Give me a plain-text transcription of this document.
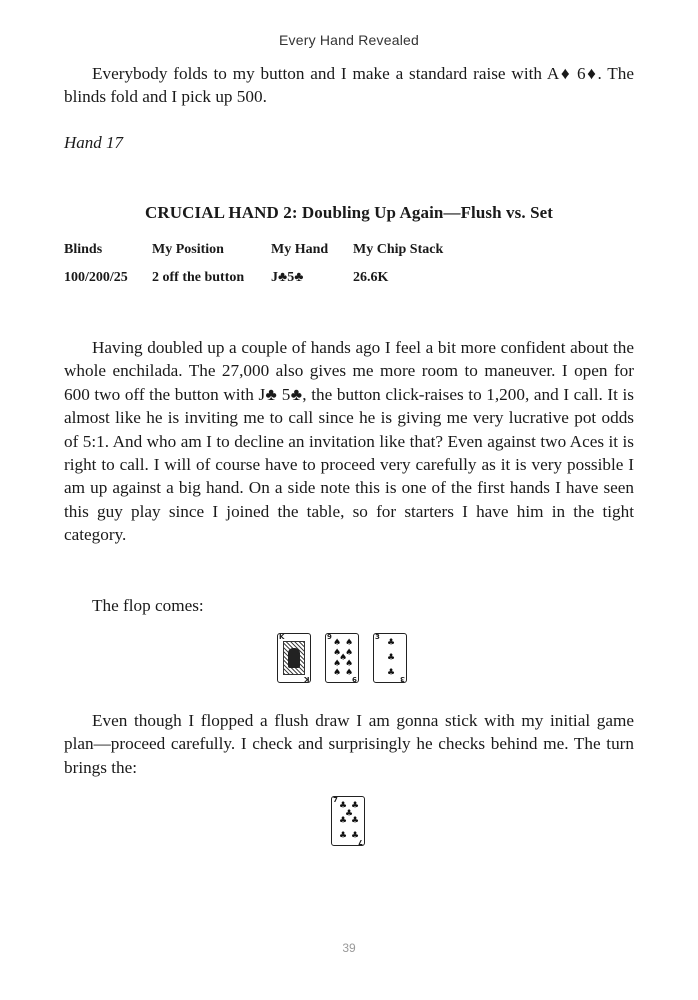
Every Hand Revealed

Everybody folds to my button and I make a standard raise with A♦ 6♦. The blinds fold and I pick up 500.

Hand 17
CRUCIAL HAND 2: Doubling Up Again—Flush vs. Set
Blinds	My Position	My Hand	My Chip Stack
100/200/25	2 off the button	J♣5♣	26.6K

Having doubled up a couple of hands ago I feel a bit more confident about the whole enchilada. The 27,000 also gives me more room to maneuver. I open for 600 two off the button with J♣ 5♣, the button click-raises to 1,200, and I call. It is almost like he is inviting me to call since he is giving me very lucrative pot odds of 5:1. And who am I to decline an invitation like that? Even against two Aces it is right to call. I will of course have to proceed very carefully as it is very possible I am up against a big hand. On a side note this is one of the first hands I have seen this guy play since I joined the table, so for starters I have him in the tight category.

The flop comes:

K
K
9
9
♠ ♠
♠ ♠
♠
♠ ♠
♠ ♠
3
3
♣
♣
♣

Even though I flopped a flush draw I am gonna stick with my initial game plan—proceed carefully. I check and surprisingly he checks behind me. The turn brings the:

7
7
♣ ♣
♣
♣ ♣
♣ ♣
39
